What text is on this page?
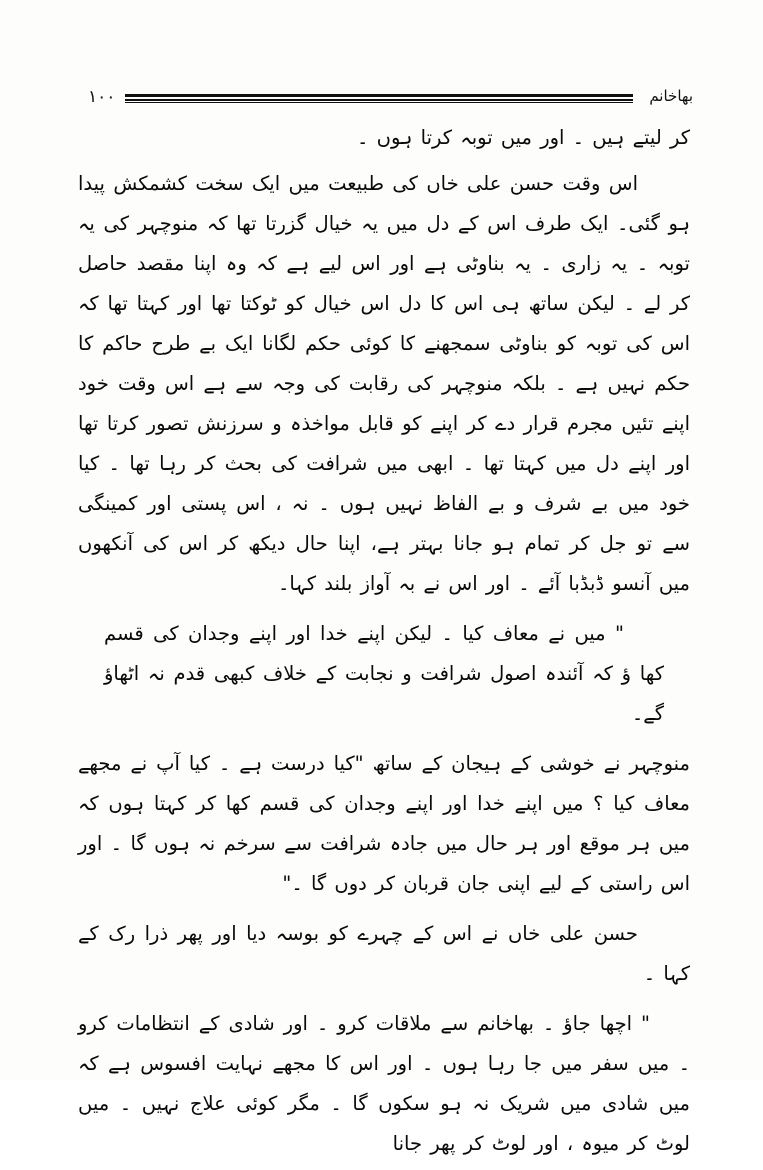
بھاخانم
١٠٠

کر لیتے ہیں ۔ اور میں توبہ کرتا ہوں ۔

اس وقت حسن علی خاں کی طبیعت میں ایک سخت کشمکش پیدا ہو گئی۔ ایک طرف اس کے دل میں یہ خیال گزرتا تھا کہ منوچہر کی یہ توبہ ۔ یہ زاری ۔ یہ بناوٹی ہے اور اس لیے ہے کہ وہ اپنا مقصد حاصل کر لے ۔ لیکن ساتھ ہی اس کا دل اس خیال کو ٹوکتا تھا اور کہتا تھا کہ اس کی توبہ کو بناوٹی سمجھنے کا کوئی حکم لگانا ایک بے طرح حاکم کا حکم نہیں ہے ۔ بلکہ منوچہر کی رقابت کی وجہ سے ہے اس وقت خود اپنے تئیں مجرم قرار دے کر اپنے کو قابل مواخذہ و سرزنش تصور کرتا تھا اور اپنے دل میں کہتا تھا ۔ ابھی میں شرافت کی بحث کر رہا تھا ۔ کیا خود میں بے شرف و بے الفاظ نہیں ہوں ۔ نہ ، اس پستی اور کمینگی سے تو جل کر تمام ہو جانا بہتر ہے، اپنا حال دیکھ کر اس کی آنکھوں میں آنسو ڈبڈبا آئے ۔ اور اس نے بہ آواز بلند کہا۔

" میں نے معاف کیا ۔ لیکن اپنے خدا اور اپنے وجدان کی قسم کھا ؤ کہ آئندہ اصول شرافت و نجابت کے خلاف کبھی قدم نہ اٹھاؤ گے۔

منوچہر نے خوشی کے ہیجان کے ساتھ "کیا درست ہے ۔ کیا آپ نے مجھے معاف کیا ؟ میں اپنے خدا اور اپنے وجدان کی قسم کھا کر کہتا ہوں کہ میں ہر موقع اور ہر حال میں جادہ شرافت سے سرخم نہ ہوں گا ۔ اور اس راستی کے لیے اپنی جان قربان کر دوں گا ۔"

حسن علی خاں نے اس کے چہرے کو بوسہ دیا اور پھر ذرا رک کے کہا ۔

" اچھا جاؤ ۔ بھاخانم سے ملاقات کرو ۔ اور شادی کے انتظامات کرو ۔ میں سفر میں جا رہا ہوں ۔ اور اس کا مجھے نہایت افسوس ہے کہ میں شادی میں شریک نہ ہو سکوں گا ۔ مگر کوئی علاج نہیں ۔ میں لوٹ کر میوہ ، اور لوٹ کر پھر جانا
